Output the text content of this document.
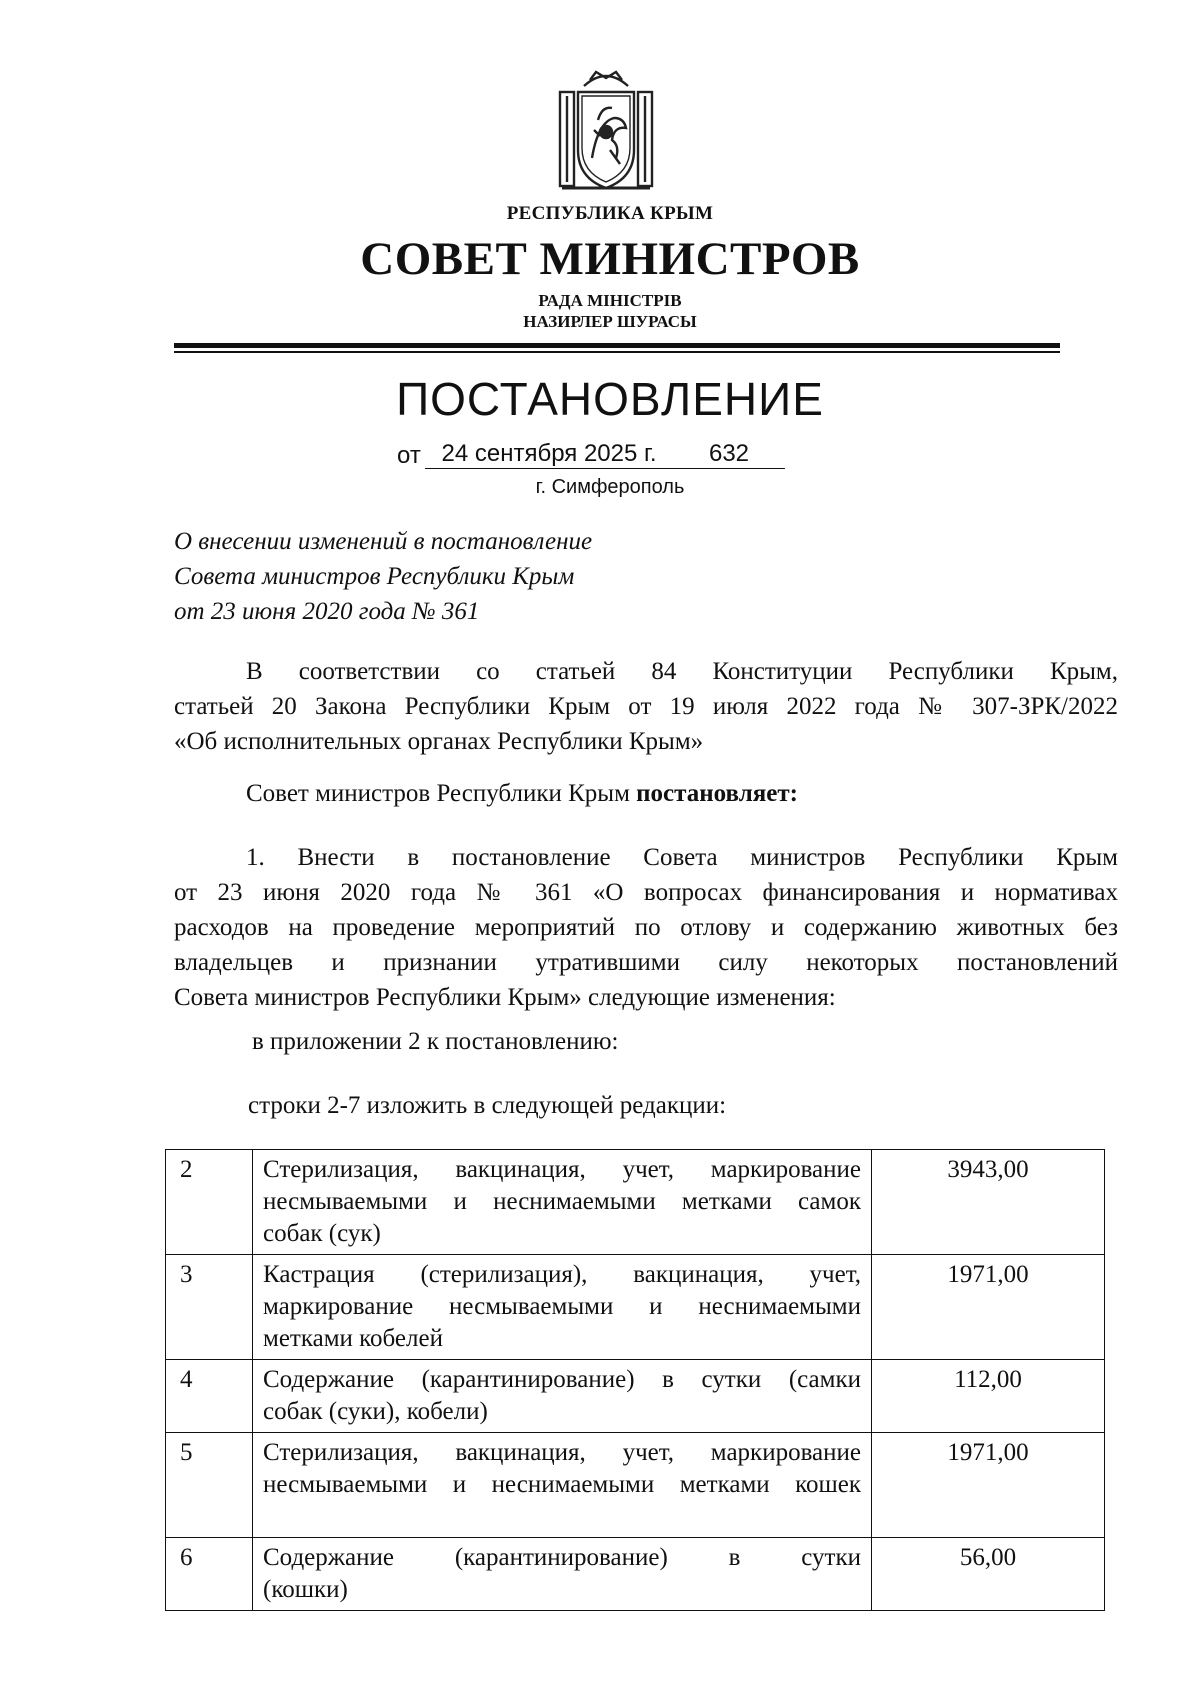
РЕСПУБЛИКА КРЫМ
СОВЕТ МИНИСТРОВ
РАДА МІНІСТРІВ
НАЗИРЛЕР ШУРАСЫ
ПОСТАНОВЛЕНИЕ
от 24 сентября 2025 г.	632
г. Симферополь
О внесении изменений в постановление
Совета министров Республики Крым
от 23 июня 2020 года № 361
В соответствии со статьей 84 Конституции Республики Крым,
статьей 20 Закона Республики Крым от 19 июля 2022 года № 307-ЗРК/2022
«Об исполнительных органах Республики Крым»
Совет министров Республики Крым постановляет:
1. Внести в постановление Совета министров Республики Крым
от 23 июня 2020 года № 361 «О вопросах финансирования и нормативах
расходов на проведение мероприятий по отлову и содержанию животных без
владельцев и признании утратившими силу некоторых постановлений
Совета министров Республики Крым» следующие изменения:
в приложении 2 к постановлению:
строки 2-7 изложить в следующей редакции:
2	Стерилизация, вакцинация, учет, маркирование
несмываемыми и неснимаемыми метками самок
собак (сук)	3943,00
3	Кастрация (стерилизация), вакцинация, учет,
маркирование несмываемыми и неснимаемыми
метками кобелей	1971,00
4	Содержание (карантинирование) в сутки (самки
собак (суки), кобели)	112,00
5	Стерилизация, вакцинация, учет, маркирование
несмываемыми и неснимаемыми метками кошек	1971,00
6	Содержание (карантинирование) в сутки
(кошки)	56,00
